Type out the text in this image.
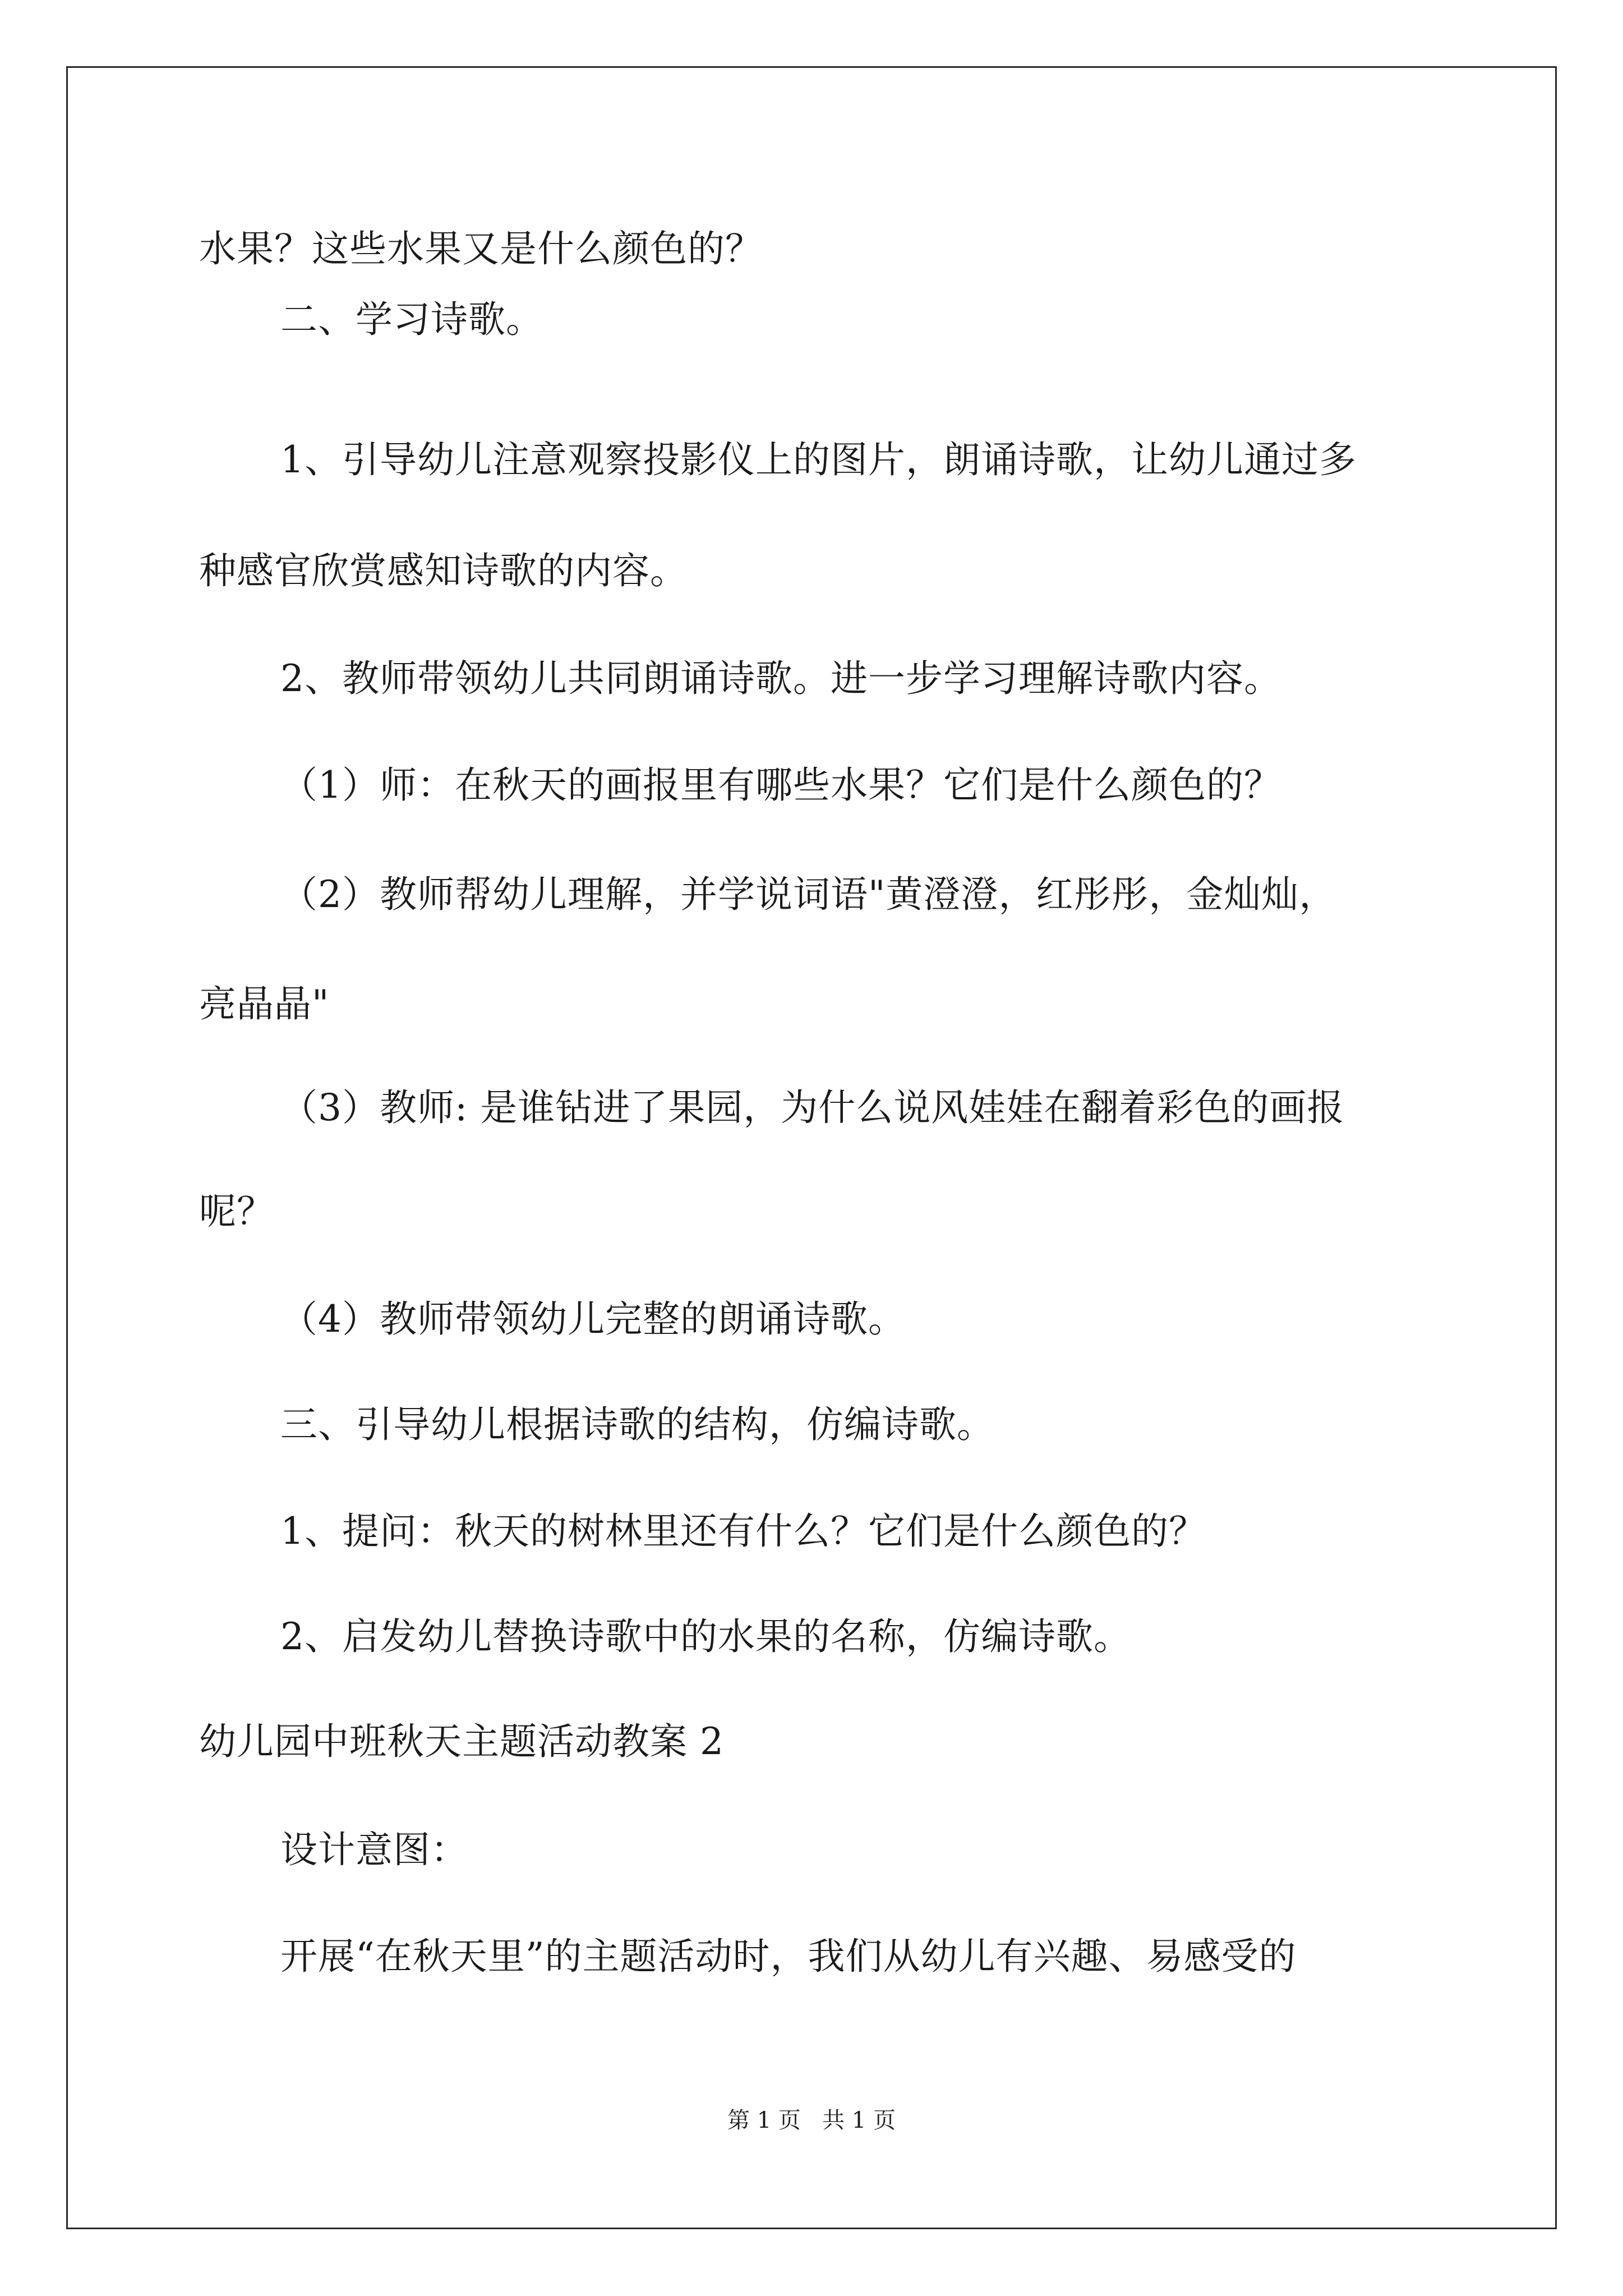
水果？这些水果又是什么颜色的？
二、学习诗歌。
1、引导幼儿注意观察投影仪上的图片，朗诵诗歌，让幼儿通过多
种感官欣赏感知诗歌的内容。
2、教师带领幼儿共同朗诵诗歌。进一步学习理解诗歌内容。
（1）师：在秋天的画报里有哪些水果？它们是什么颜色的？
（2）教师帮幼儿理解，并学说词语"黄澄澄，红彤彤，金灿灿，
亮晶晶"
（3）教师: 是谁钻进了果园，为什么说风娃娃在翻着彩色的画报
呢？
（4）教师带领幼儿完整的朗诵诗歌。
三、引导幼儿根据诗歌的结构，仿编诗歌。
1、提问：秋天的树林里还有什么？它们是什么颜色的？
2、启发幼儿替换诗歌中的水果的名称，仿编诗歌。
幼儿园中班秋天主题活动教案 2
设计意图：
开展“在秋天里”的主题活动时，我们从幼儿有兴趣、易感受的
第 1 页   共 1 页
